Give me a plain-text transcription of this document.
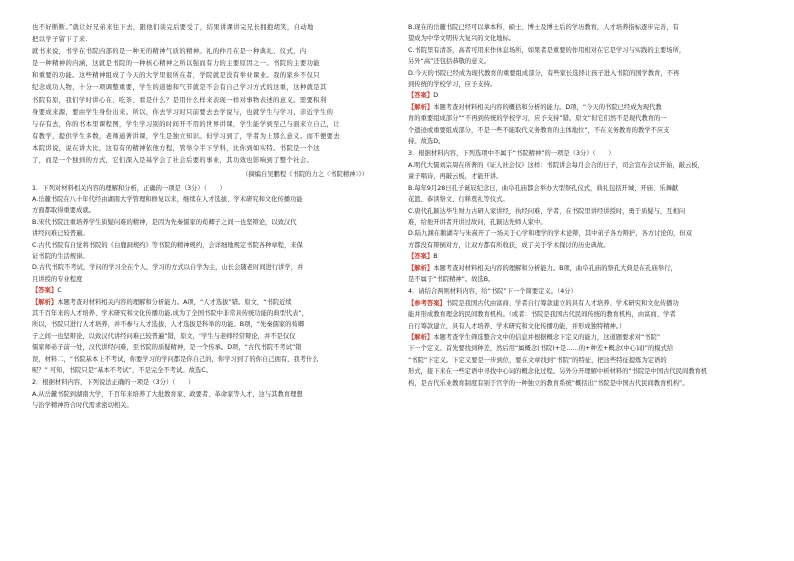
也不好断断。”就让好兄弟来往下去，跟他们谈完后要受了，结果讲课讲完兄长拥抱胡笑，自动地

把以学子留下了来.

就书来说，书学在书院内部的是一种无的精神气质的精神。礼的仲月在是一种典礼、仪式，内

是一种精神的内涵，这就是书院的一种核心精神之所以强而有力的主要原因之一。书院的主要功能

和重要的功能。这些精神组成了今天的大学里很所在者，学院就是没有举业课业。我的家乡不仅只

纪念成功人物，十分一项调整重要，学生的道德和气节就是不会有自己学习方式的这重，这种就是其

书院有原，我们学时讲心在、吃茶、看是什么？是用什么样来表现一样对事物表述的意义。需要积利

身要成来源，要由学生身份出来。所以，你去学习时只前要去去学说与，也就学生与学习，亲近学生的

与存有去，你的书本里课程图，学生学习别的时间开不用的世界讲课，学生能学到至己与面来立自己，让

有教学，提供学生多数，老师通著讲课，学生是独立知识。但学习到了，学者为上那么意义。而不便要去

本院讲说，说在讲大比，这有有的精神依他方程，管举令半下学科，比你到如实特。书院是一个这

了，而是一个独到的方式，它们深入是基学会了社会后要的事业，其功效也影响到了整个社会。

（摘编自吴鹏程《书院的力之〈书院精神〉》）

1．下列对材料相关内容的理解和分析，正确的一项是（3分）（　　）

A.岳麓书院在八十年代经由湖南大学管理和修复以来，继续在人才选拔、学术研究和文化传播功能

方面都取得重要成就。

B.宋代书院注重培养学生质疑问难的精神，是因为先秦儒家的荀卿子之间一也坚辩论，以致汉代

讲经问难已较普遍。

C.古代书院有自觉将书院的《白鹿洞规约》等书院的精神规约，会详细地规定书院各种章程，来保

证书院的生活规律。

D.古代书院不考试，学问的学习全在个人，学习的方式以自学为主，山长会随老时间进行讲学，并

且讲授的专业程度

【答案】C

【解析】本题考查对材料相关内容的理解和分析能力。A项，“人才选拔”错。原文，“书院近续

其千百年来的人才培养、学术研究和文化传播功能,成为了全国书院中非常具传统功能的典型代表”，

所以，书院只进行人才培养，并不参与人才选拔，人才选拔是科举的功能。B项，“先秦儒家的荀卿

子之间一也坚辩论，以致汉代讲经问难已较普遍”错，原文，‘学生与老师经常辩论，并不是仅仅

儒家师弟子前一处，汉代讲经问难，至书院的质疑精神，是一个传承。D项，“古代书院不考试”错

误，材料二，“书院基本上不考试，你要学习的学问都是你自己的，你学习到了的你自己拥有，我考什么

呢？” 可知，书院只是“基本不考试”，不是完全不考试。故选C。

2．根据材料内容，下列说法正确的一项是（3分）（　　）

A.从岳麓书院到湖南大学，千百年来培养了大批教育家、政要者、革命家等人才，这与其教育理想

与治学精神符合时代需求密切相关。

B.现在的岳麓书院已经可以拿本科、硕士、博士及博士后的学历教育，人才培养指标逐步完善，有

望成为中华文明传大复兴的文化地标。

C.书院里有清茶，高者可用来作休息场所，如果者是重要的作用相对在它是学习与实践的主要场所，

另外“高”还包括恭敬的意义。

D.今天的书院已经成为现代教育的重要组成部分，有些家长选择让孩子进入书院的国学教育，不再

到传统的学校学习，应予支持。

【答案】D

【解析】本题考查对材料相关内容的概括和分析的能力。D项，“今天的书院已经成为现代教

育的重要组成部分”“不再到传统的学校学习，应予支持”错。原文“但它们然不是现代教育的一

个遗迹或重要组成部分，不是一些不能取代义务教育的主体地位”，不在义务教育的教学不应支

持。故选D。

3．根据材料内容，下列选项中不属于“书院精神”的一项是（3分）（　　）

A.明代大儒刘宗周在所著的《证人社会仪》这样：书院讲会每月会合的日子，司会宣布会议开始，敲云板，

童子唱诗，再敲云板，才能开讲。

B.每年9月28日孔子诞辰纪念日，曲阜孔庙都会举办大型祭孔仪式，典礼包括开城、开庙、乐舞献

花篮、恭读祭文、行释奠礼等仪式。

C.唐代孔颖达毕生财力古研人家讲经，执经问难，学者，在书院里讲经讲授时，勇于质疑与，互相问

难，给他开讲者开讲过故问，孔颖达先师人家中。

D.陆九渊在鹅湖寺与朱熹开了一场关于心学和理学的学术论辩，其中弟子各方辩护，各方讨论的，但双

方都没有辩倒对方，让双方都有所收获，成了关于学术探讨的历史典故。

【答案】B

【解析】本题考查对材料相关内容的理解和分析能力。B项，曲阜孔庙的祭孔大典是在孔庙举行，

是不属于“书院精神”。故选B。

4．请结合两则材料内容，给“书院”下一个简要定义。（4分）

【参考答案】书院是我国古代由富商、学者自行筹款建立的具有人才培养、学术研究和文化传播功

能并形成教育理念的民间教育机构。（或者：书院是我国古代民间传统的教育机构，由富商、学者

自行筹款建立，具有人才培养、学术研究和文化传播功能，并形成独特精神。）

【解析】本题考查学生筛选整合文中的信息并根据概念下定义的能力，这道题要求对“书院”

下一个定义。首先要找到种差，然后用“属概念(书院)+是……的+种差+概念(中心词)”的模式给

“书院”下定义。下定义要是一步到位，要在文章找到“书院”的特征，把这些特征提炼为定语的

形式，接下来在一些定语中寻找中心词的概念化过程。另外分开理解中析材料的“书院是中国古代民间教育机

构，是古代乐业教育制度有别于官学的一种独立的教育系统”概括出“书院是中国古代民间教育机构”。
